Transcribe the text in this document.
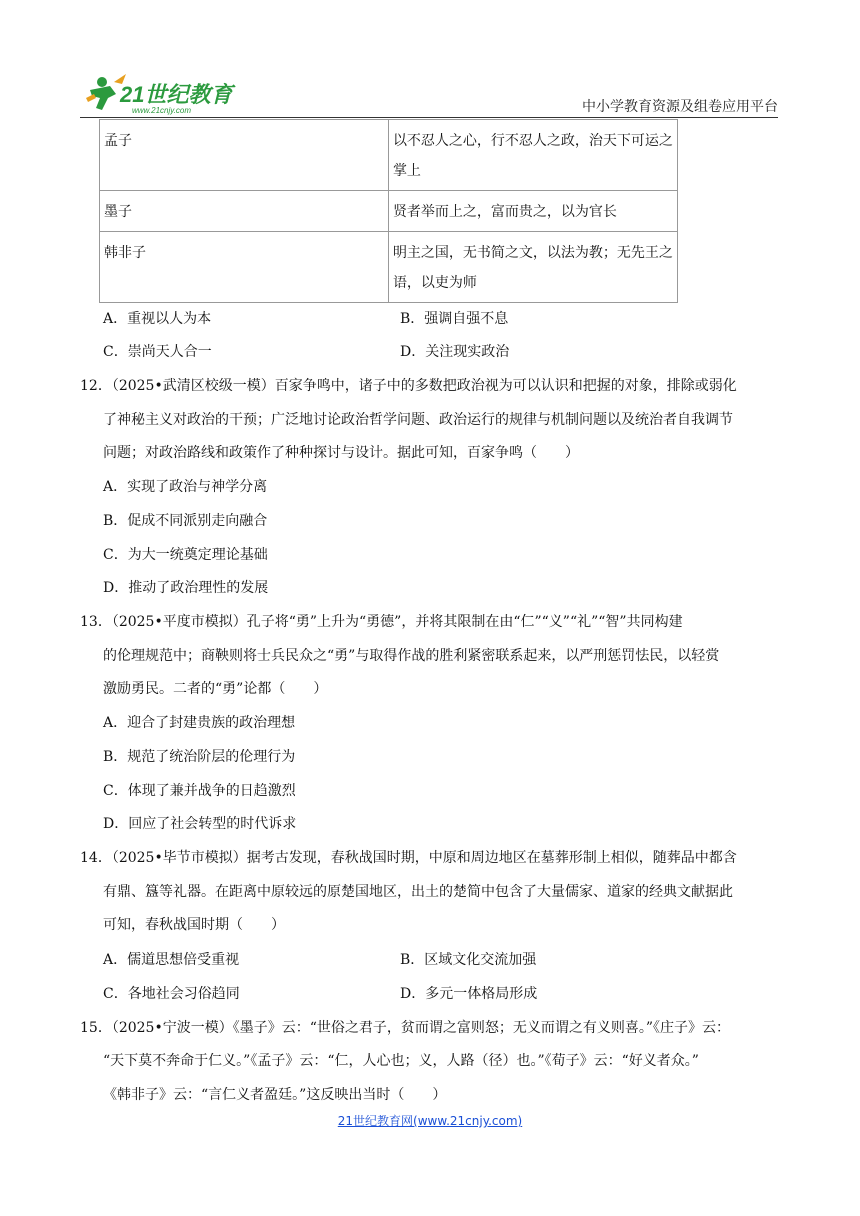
21世纪教育
www.21cnjy.com	中小学教育资源及组卷应用平台
孟子	以不忍人之心，行不忍人之政，治天下可运之掌上
墨子	贤者举而上之，富而贵之，以为官长
韩非子	明主之国，无书简之文，以法为教；无先王之语，以吏为师
A．重视以人为本	B．强调自强不息
C．崇尚天人合一	D．关注现实政治
12．（2025•武清区校级一模）百家争鸣中，诸子中的多数把政治视为可以认识和把握的对象，排除或弱化
了神秘主义对政治的干预；广泛地讨论政治哲学问题、政治运行的规律与机制问题以及统治者自我调节
问题；对政治路线和政策作了种种探讨与设计。据此可知，百家争鸣（　　）
A．实现了政治与神学分离
B．促成不同派别走向融合
C．为大一统奠定理论基础
D．推动了政治理性的发展
13．（2025•平度市模拟）孔子将“勇”上升为“勇德”，并将其限制在由“仁”“义”“礼”“智”共同构建
的伦理规范中；商鞅则将士兵民众之“勇”与取得作战的胜利紧密联系起来，以严刑惩罚怯民，以轻赏
激励勇民。二者的“勇”论都（　　）
A．迎合了封建贵族的政治理想
B．规范了统治阶层的伦理行为
C．体现了兼并战争的日趋激烈
D．回应了社会转型的时代诉求
14．（2025•毕节市模拟）据考古发现，春秋战国时期，中原和周边地区在墓葬形制上相似，随葬品中都含
有鼎、簋等礼器。在距离中原较远的原楚国地区，出土的楚简中包含了大量儒家、道家的经典文献据此
可知，春秋战国时期（　　）
A．儒道思想倍受重视	B．区域文化交流加强
C．各地社会习俗趋同	D．多元一体格局形成
15．（2025•宁波一模）《墨子》云：“世俗之君子，贫而谓之富则怒；无义而谓之有义则喜。”《庄子》云：
“天下莫不奔命于仁义。”《孟子》云：“仁，人心也；义，人路（径）也。”《荀子》云：“好义者众。”
《韩非子》云：“言仁义者盈廷。”这反映出当时（　　）
21世纪教育网(www.21cnjy.com)
